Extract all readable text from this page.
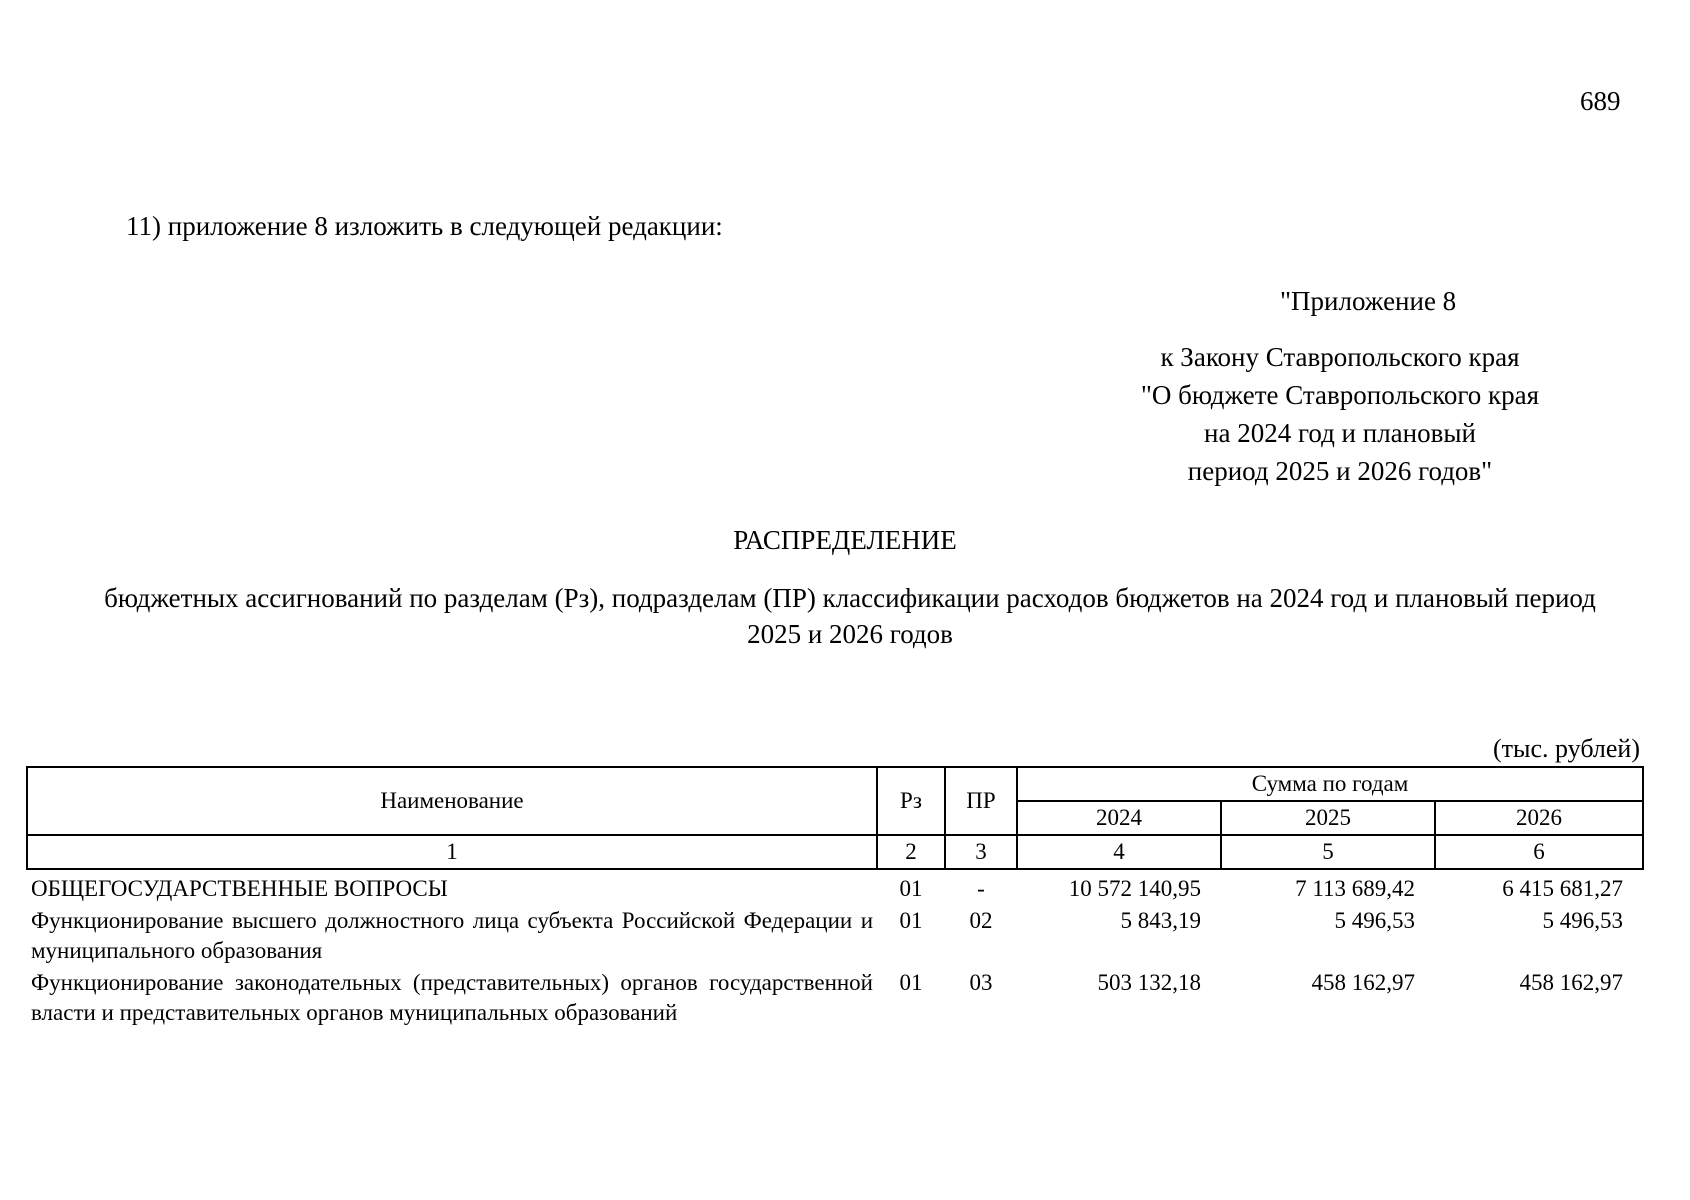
689
11) приложение 8 изложить в следующей редакции:
"Приложение 8
к Закону Ставропольского края
"О бюджете Ставропольского края
на 2024 год и плановый
период 2025 и 2026 годов"
РАСПРЕДЕЛЕНИЕ
бюджетных ассигнований по разделам (Рз), подразделам (ПР) классификации расходов бюджетов на 2024 год и плановый период 2025 и 2026 годов
(тыс. рублей)
Наименование	Рз	ПР	Сумма по годам		
			2024	2025	2026
1	2	3	4	5	6
ОБЩЕГОСУДАРСТВЕННЫЕ ВОПРОСЫ	01	-	10 572 140,95	7 113 689,42	6 415 681,27
Функционирование высшего должностного лица субъекта Российской Федерации и муниципального образования	01	02	5 843,19	5 496,53	5 496,53
Функционирование законодательных (представительных) органов государственной власти и представительных органов муниципальных образований	01	03	503 132,18	458 162,97	458 162,97
